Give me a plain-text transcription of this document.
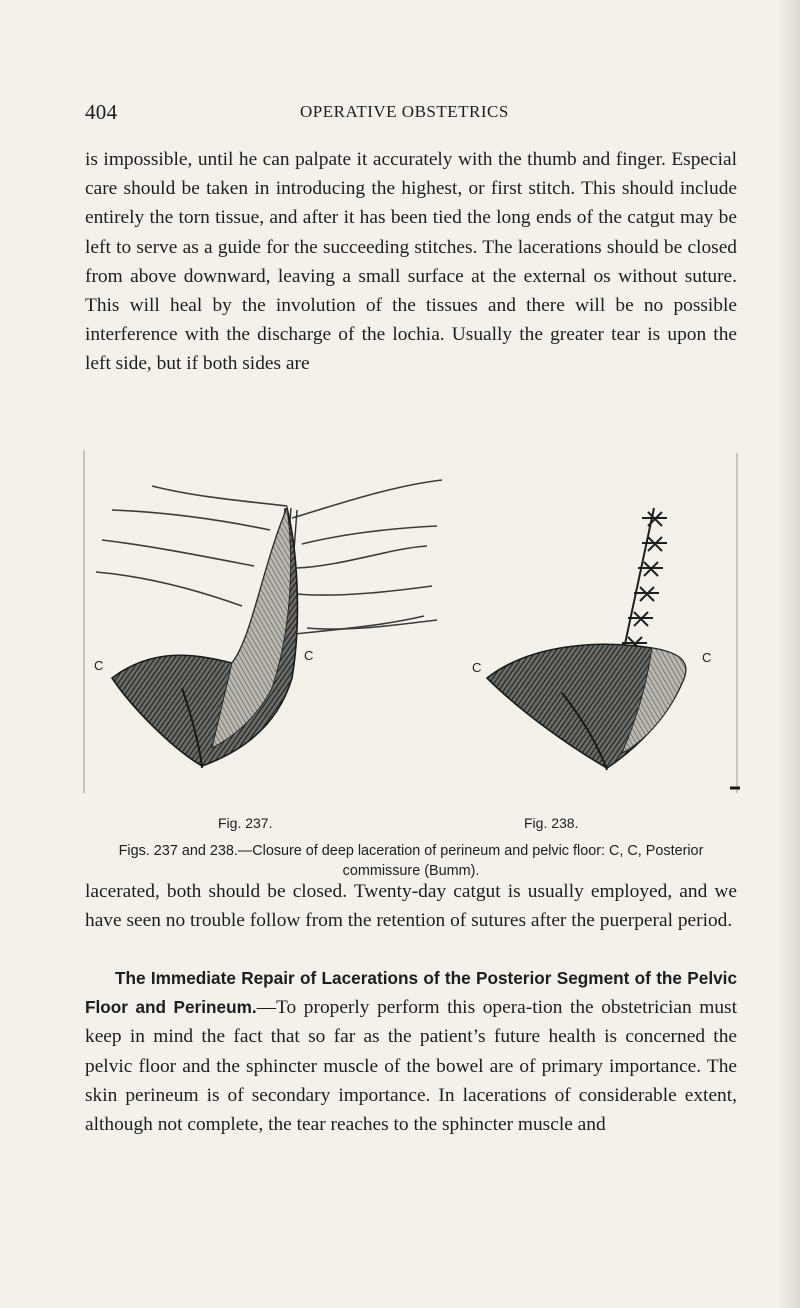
404	OPERATIVE OBSTETRICS

is impossible, until he can palpate it accurately with the thumb and finger. Especial care should be taken in introducing the highest, or first stitch. This should include entirely the torn tissue, and after it has been tied the long ends of the catgut may be left to serve as a guide for the succeeding stitches. The lacerations should be closed from above downward, leaving a small surface at the external os without suture. This will heal by the involution of the tissues and there will be no possible interference with the discharge of the lochia. Usually the greater tear is upon the left side, but if both sides are

C
C
C
C
Fig. 237.	Fig. 238.
Figs. 237 and 238.—Closure of deep laceration of perineum and pelvic floor: C, C, Posterior commissure (Bumm).

lacerated, both should be closed. Twenty-day catgut is usually employed, and we have seen no trouble follow from the retention of sutures after the puerperal period.

The Immediate Repair of Lacerations of the Posterior Segment of the Pelvic Floor and Perineum.—To properly perform this opera-tion the obstetrician must keep in mind the fact that so far as the patient’s future health is concerned the pelvic floor and the sphincter muscle of the bowel are of primary importance. The skin perineum is of secondary importance. In lacerations of considerable extent, although not complete, the tear reaches to the sphincter muscle and
